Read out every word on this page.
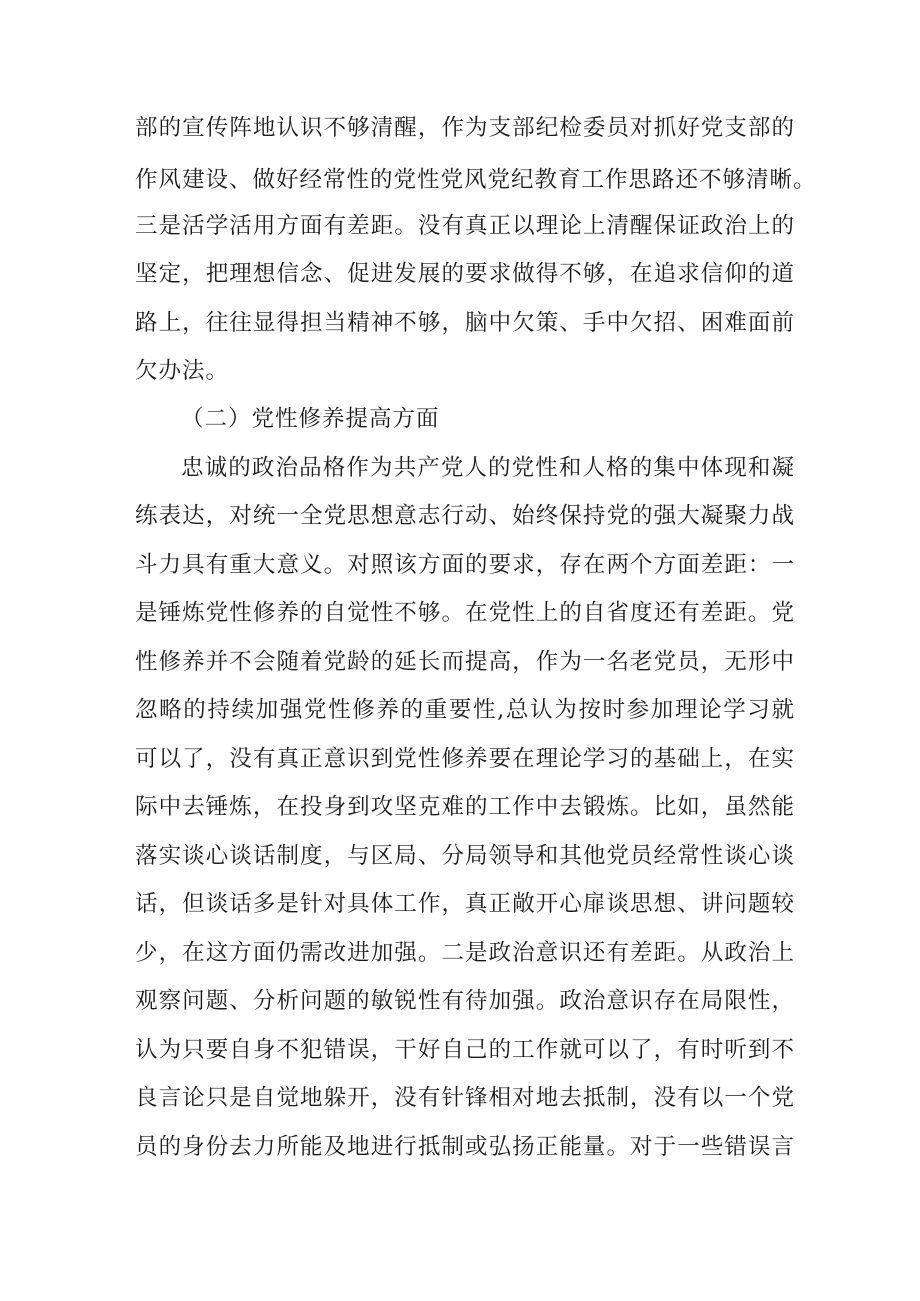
部的宣传阵地认识不够清醒，作为支部纪检委员对抓好党支部的
作风建设、做好经常性的党性党风党纪教育工作思路还不够清晰。
三是活学活用方面有差距。没有真正以理论上清醒保证政治上的
坚定，把理想信念、促进发展的要求做得不够，在追求信仰的道
路上，往往显得担当精神不够，脑中欠策、手中欠招、困难面前
欠办法。
（二）党性修养提高方面
忠诚的政治品格作为共产党人的党性和人格的集中体现和凝
练表达，对统一全党思想意志行动、始终保持党的强大凝聚力战
斗力具有重大意义。对照该方面的要求，存在两个方面差距：一
是锤炼党性修养的自觉性不够。在党性上的自省度还有差距。党
性修养并不会随着党龄的延长而提高，作为一名老党员，无形中
忽略的持续加强党性修养的重要性,总认为按时参加理论学习就
可以了，没有真正意识到党性修养要在理论学习的基础上，在实
际中去锤炼，在投身到攻坚克难的工作中去锻炼。比如，虽然能
落实谈心谈话制度，与区局、分局领导和其他党员经常性谈心谈
话，但谈话多是针对具体工作，真正敞开心扉谈思想、讲问题较
少，在这方面仍需改进加强。二是政治意识还有差距。从政治上
观察问题、分析问题的敏锐性有待加强。政治意识存在局限性，
认为只要自身不犯错误，干好自己的工作就可以了，有时听到不
良言论只是自觉地躲开，没有针锋相对地去抵制，没有以一个党
员的身份去力所能及地进行抵制或弘扬正能量。对于一些错误言
